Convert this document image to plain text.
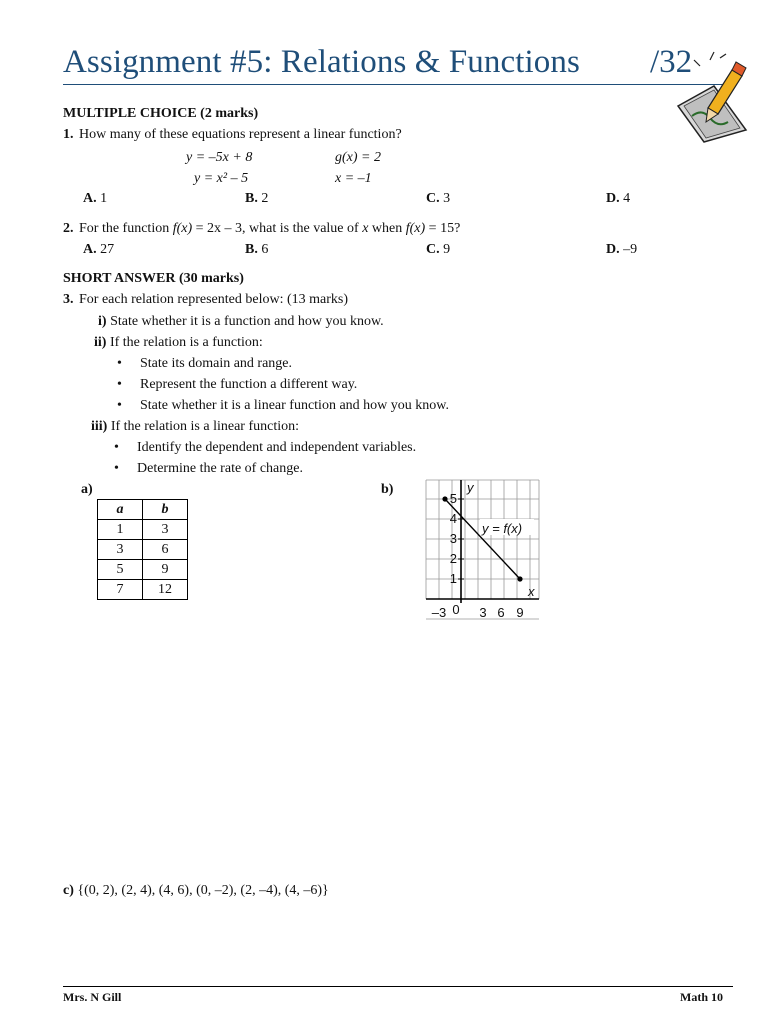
Assignment #5: Relations & Functions /32
MULTIPLE CHOICE (2 marks)
1. How many of these equations represent a linear function?
y = –5x + 8	g(x) = 2
y = x² – 5	x = –1
A. 1	B. 2	C. 3	D. 4
2. For the function f(x) = 2x – 3, what is the value of x when f(x) = 15?
A. 27	B. 6	C. 9	D. –9
SHORT ANSWER (30 marks)
3. For each relation represented below: (13 marks)
i) State whether it is a function and how you know.
ii) If the relation is a function:
• State its domain and range.
• Represent the function a different way.
• State whether it is a linear function and how you know.
iii) If the relation is a linear function:
• Identify the dependent and independent variables.
• Determine the rate of change.
a)
a	b
1	3
3	6
5	9
7	12
b)
1
2
3
4
5
–3 0 3 6 9
y
x
y = f(x)
c) {(0, 2), (2, 4), (4, 6), (0, –2), (2, –4), (4, –6)}
Mrs. N Gill	Math 10
